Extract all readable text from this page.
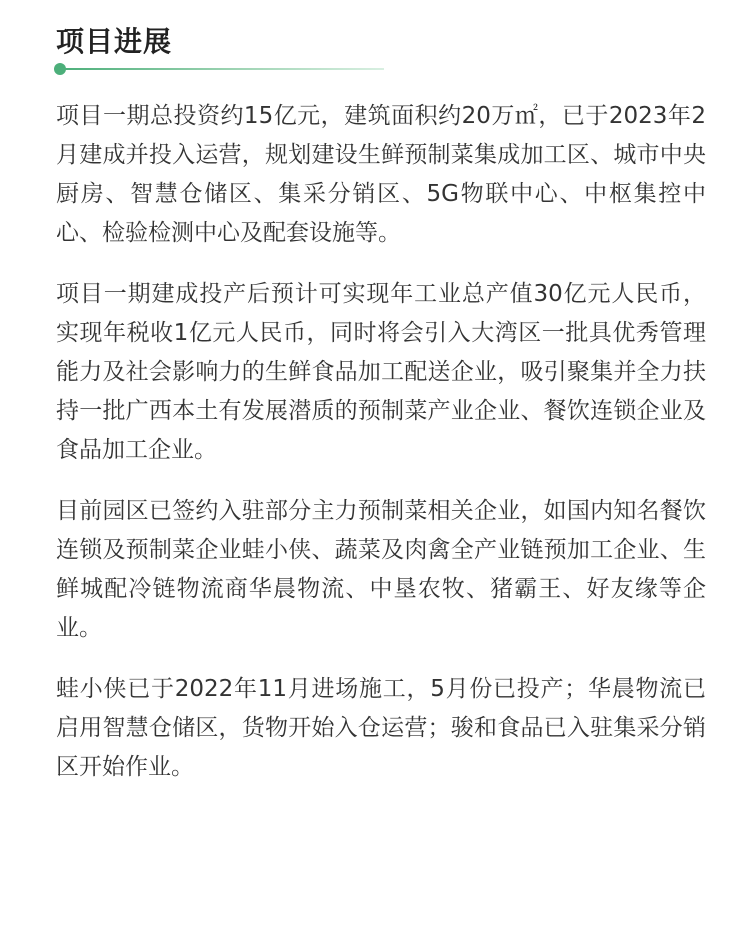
项目进展

项目一期总投资约15亿元，建筑面积约20万㎡，已于2023年2月建成并投入运营，规划建设生鲜预制菜集成加工区、城市中央厨房、智慧仓储区、集采分销区、5G物联中心、中枢集控中心、检验检测中心及配套设施等。

项目一期建成投产后预计可实现年工业总产值30亿元人民币，实现年税收1亿元人民币，同时将会引入大湾区一批具优秀管理能力及社会影响力的生鲜食品加工配送企业，吸引聚集并全力扶持一批广西本土有发展潜质的预制菜产业企业、餐饮连锁企业及食品加工企业。

目前园区已签约入驻部分主力预制菜相关企业，如国内知名餐饮连锁及预制菜企业蛙小侠、蔬菜及肉禽全产业链预加工企业、生鲜城配冷链物流商华晨物流、中垦农牧、猪霸王、好友缘等企业。

蛙小侠已于2022年11月进场施工，5月份已投产；华晨物流已启用智慧仓储区，货物开始入仓运营；骏和食品已入驻集采分销区开始作业。
